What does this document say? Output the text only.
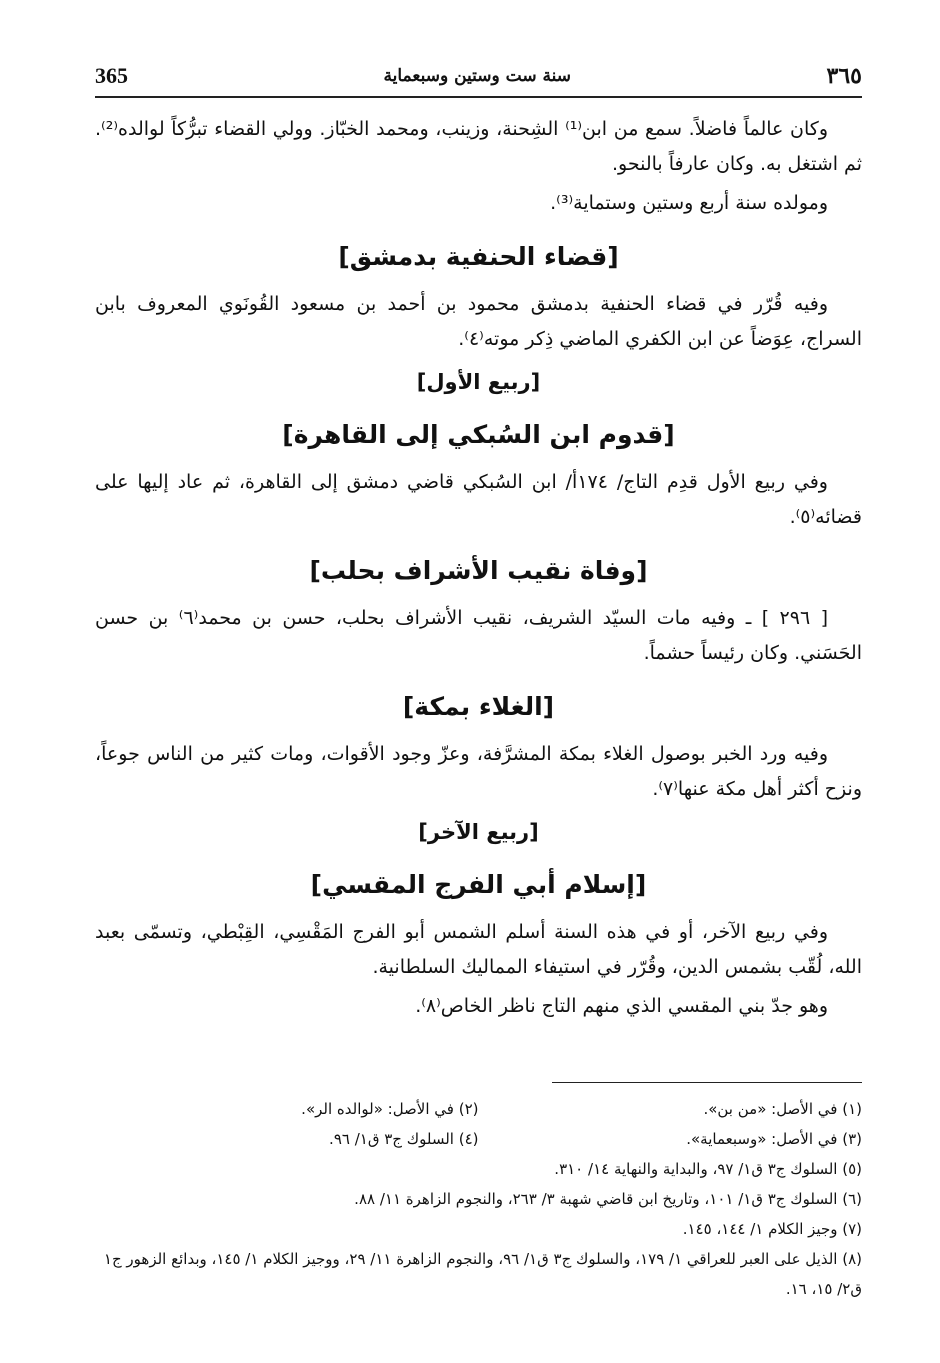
365	سنة ست وستين وسبعماية	٣٦٥

وكان عالماً فاضلاً. سمع من ابن⁽¹⁾ الشِحنة، وزينب، ومحمد الخبّاز. وولي القضاء تبرُّكاً لوالده⁽²⁾. ثم اشتغل به. وكان عارفاً بالنحو.

ومولده سنة أربع وستين وستماية⁽³⁾.

[قضاء الحنفية بدمشق]

وفيه قُرّر في قضاء الحنفية بدمشق محمود بن أحمد بن مسعود القُونَوي المعروف بابن السراج، عِوَضاً عن ابن الكفري الماضي ذِكر موته⁽٤⁾.

[ربيع الأول]
[قدوم ابن السُبكي إلى القاهرة]

وفي ربيع الأول قدِم التاج/ ١٧٤أ/ ابن السُبكي قاضي دمشق إلى القاهرة، ثم عاد إليها على قضائه⁽٥⁾.

[وفاة نقيب الأشراف بحلب]

[ ٢٩٦ ] ـ وفيه مات السيّد الشريف، نقيب الأشراف بحلب، حسن بن محمد⁽٦⁾ بن حسن الحَسَني. وكان رئيساً حشماً.

[الغلاء بمكة]

وفيه ورد الخبر بوصول الغلاء بمكة المشرَّفة، وعزّ وجود الأقوات، ومات كثير من الناس جوعاً، ونزح أكثر أهل مكة عنها⁽٧⁾.

[ربيع الآخر]
[إسلام أبي الفرج المقسي]

وفي ربيع الآخر، أو في هذه السنة أسلم الشمس أبو الفرج المَقْسِي، القِبْطي، وتسمّى بعبد الله، لُقّب بشمس الدين، وقُرّر في استيفاء المماليك السلطانية.

وهو جدّ بني المقسي الذي منهم التاج ناظر الخاص⁽٨⁾.

(١) في الأصل: «من بن».
(٢) في الأصل: «لوالده الر».
(٣) في الأصل: «وسبعماية».
(٤) السلوك ج٣ ق١/ ٩٦.
(٥) السلوك ج٣ ق١/ ٩٧، والبداية والنهاية ١٤/ ٣١٠.
(٦) السلوك ج٣ ق١/ ١٠١، وتاريخ ابن قاضي شهبة ٣/ ٢٦٣، والنجوم الزاهرة ١١/ ٨٨.
(٧) وجيز الكلام ١/ ١٤٤، ١٤٥.
(٨) الذيل على العبر للعراقي ١/ ١٧٩، والسلوك ج٣ ق١/ ٩٦، والنجوم الزاهرة ١١/ ٢٩، ووجيز الكلام ١/ ١٤٥، وبدائع الزهور ج١ ق٢/ ١٥، ١٦.
